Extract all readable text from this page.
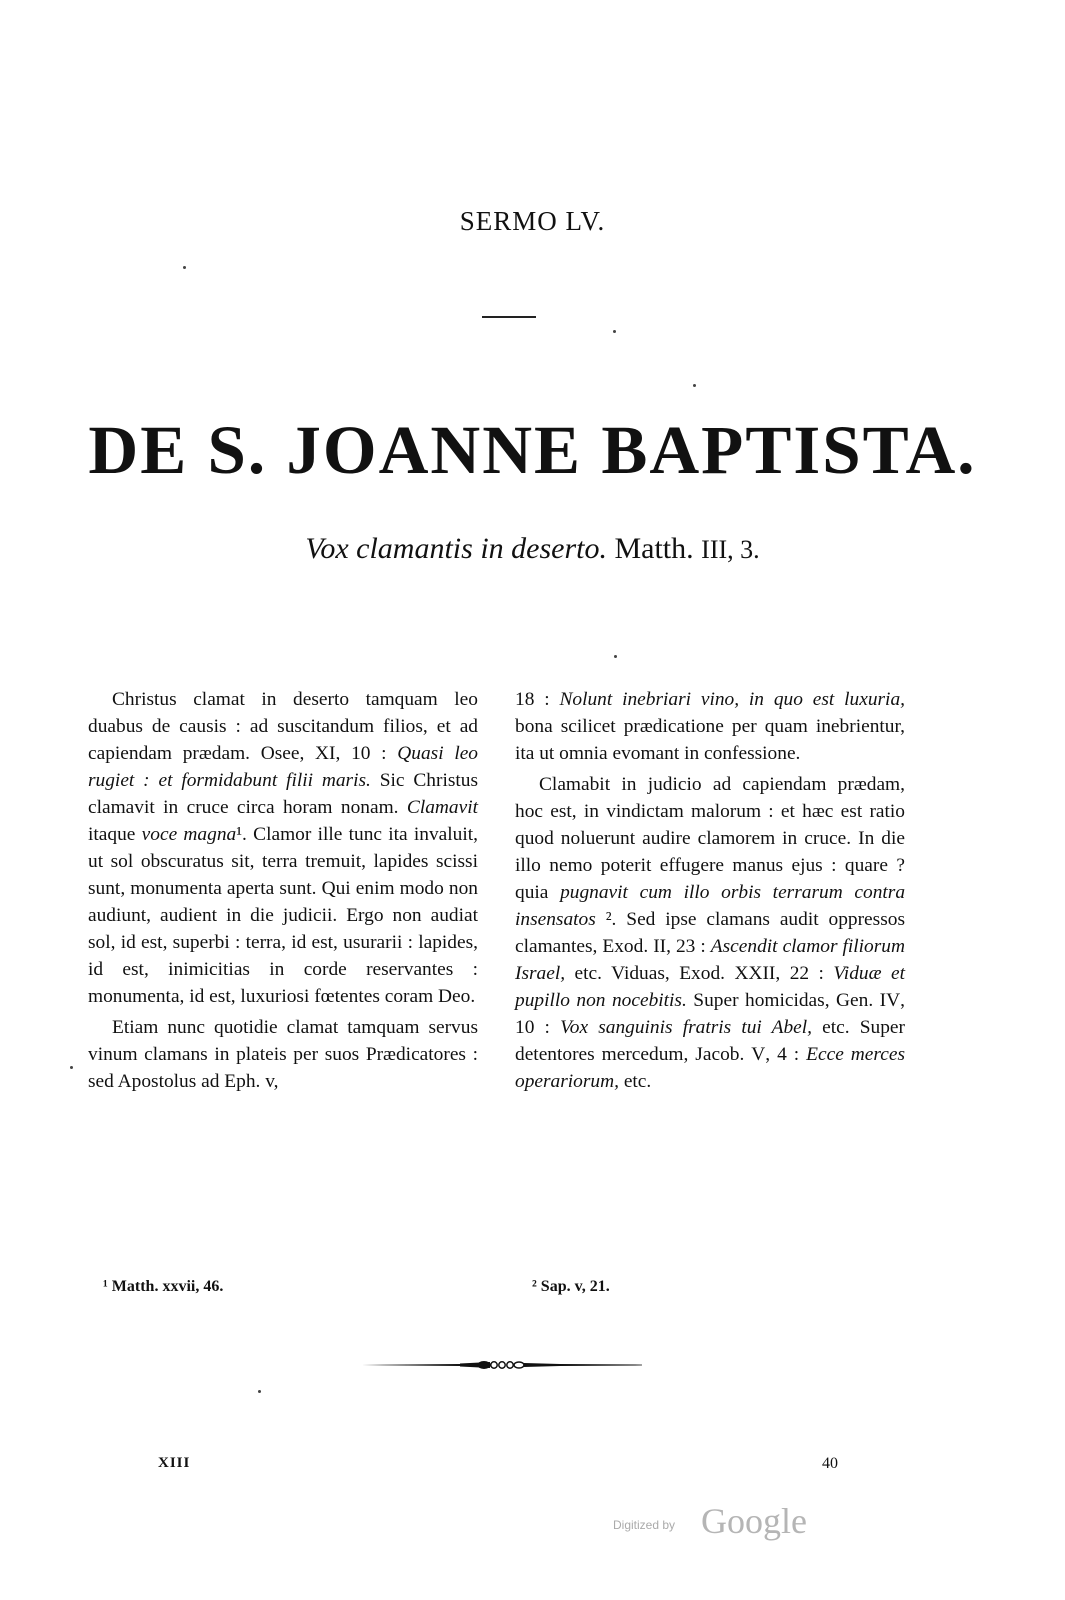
SERMO LV.
DE S. JOANNE BAPTISTA.
Vox clamantis in deserto. Matth. III, 3.

Christus clamat in deserto tamquam leo duabus de causis : ad suscitandum filios, et ad capiendam prædam. Osee, XI, 10 : Quasi leo rugiet : et formidabunt filii maris. Sic Christus clamavit in cruce circa horam nonam. Clamavit itaque voce magna¹. Clamor ille tunc ita invaluit, ut sol obscuratus sit, terra tremuit, lapides scissi sunt, monumenta aperta sunt. Qui enim modo non audiunt, audient in die judicii. Ergo non audiat sol, id est, superbi : terra, id est, usurarii : lapides, id est, inimicitias in corde reservantes : monumenta, id est, luxuriosi fœtentes coram Deo.

Etiam nunc quotidie clamat tamquam servus vinum clamans in plateis per suos Prædicatores : sed Apostolus ad Eph. v,

18 : Nolunt inebriari vino, in quo est luxuria, bona scilicet prædicatione per quam inebrientur, ita ut omnia evomant in confessione.

Clamabit in judicio ad capiendam prædam, hoc est, in vindictam malorum : et hæc est ratio quod noluerunt audire clamorem in cruce. In die illo nemo poterit effugere manus ejus : quare ? quia pugnavit cum illo orbis terrarum contra insensatos ². Sed ipse clamans audit oppressos clamantes, Exod. II, 23 : Ascendit clamor filiorum Israel, etc. Viduas, Exod. XXII, 22 : Viduæ et pupillo non nocebitis. Super homicidas, Gen. IV, 10 : Vox sanguinis fratris tui Abel, etc. Super detentores mercedum, Jacob. V, 4 : Ecce merces operariorum, etc.

¹ Matth. xxvii, 46.	² Sap. v, 21.
XIII	40
Digitized by Google
